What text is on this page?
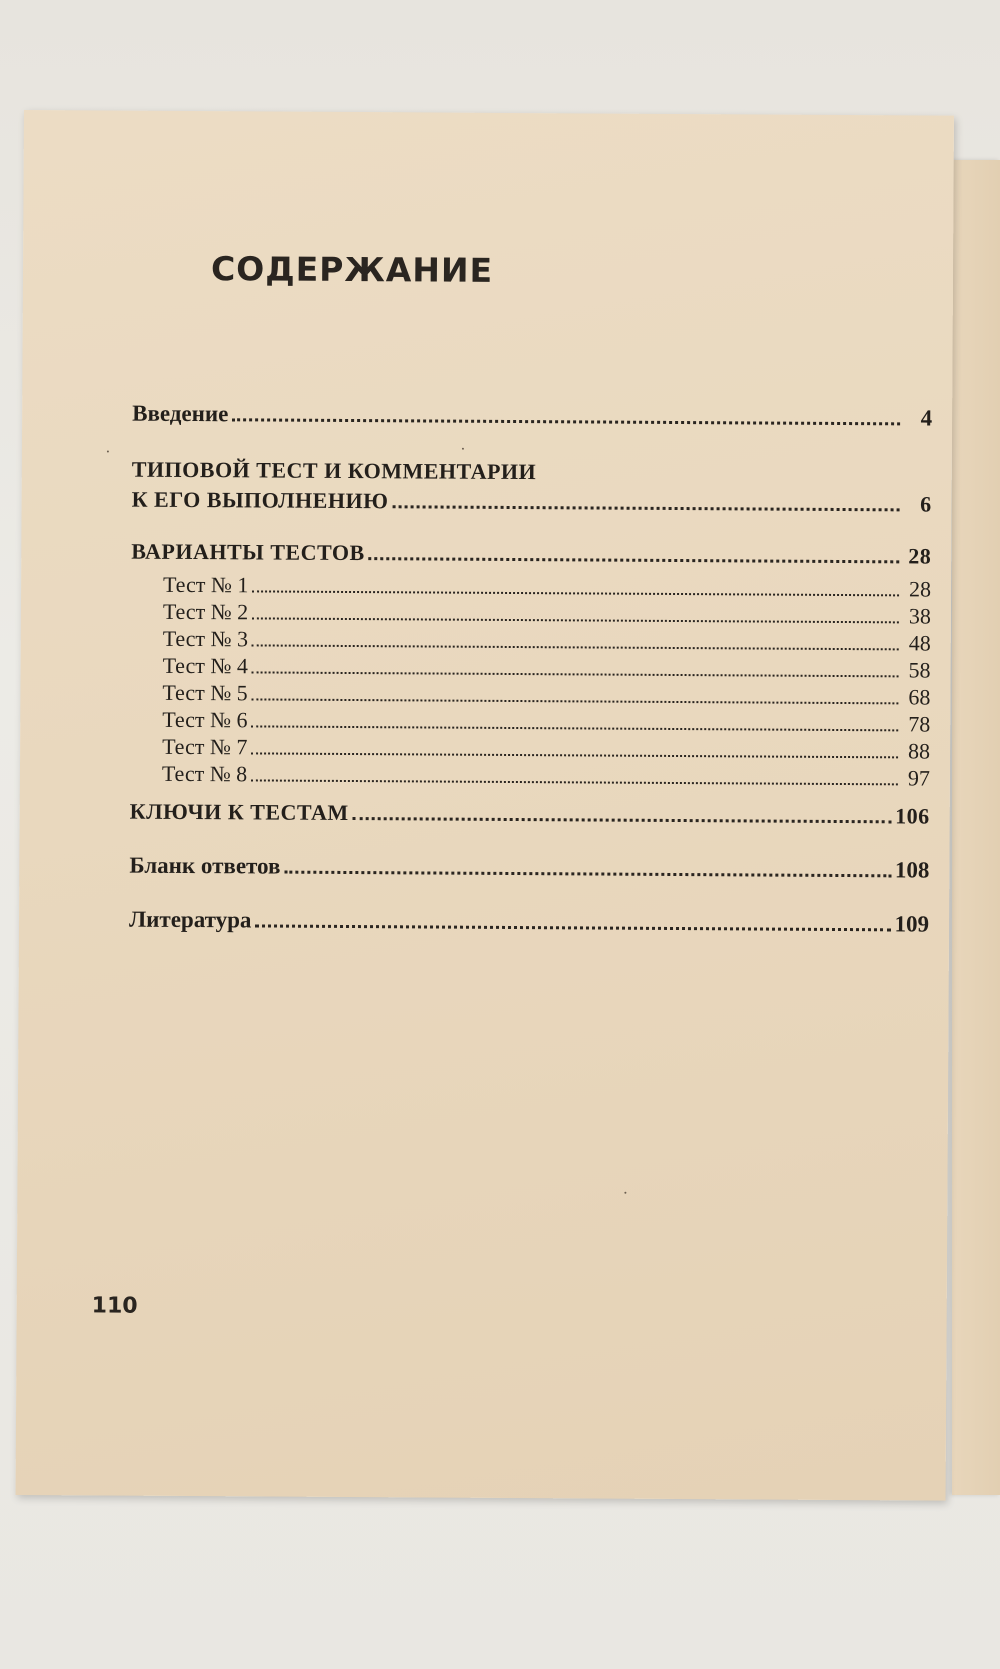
СОДЕРЖАНИЕ
Введение	4
ТИПОВОЙ ТЕСТ И КОММЕНТАРИИ
К ЕГО ВЫПОЛНЕНИЮ	6
ВАРИАНТЫ ТЕСТОВ	28
Тест № 1	28
Тест № 2	38
Тест № 3	48
Тест № 4	58
Тест № 5	68
Тест № 6	78
Тест № 7	88
Тест № 8	97
КЛЮЧИ К ТЕСТАМ	106
Бланк ответов	108
Литература	109
110
